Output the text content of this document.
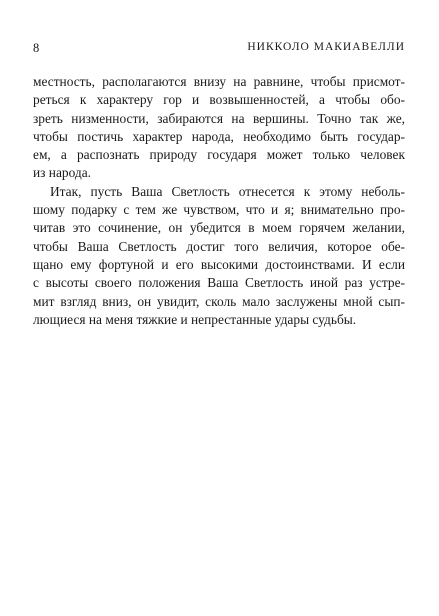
8	НИККОЛО МАКИАВЕЛЛИ
местность, располагаются внизу на равнине, чтобы присмот-
реться к характеру гор и возвышенностей, а чтобы обо-
зреть низменности, забираются на вершины. Точно так же,
чтобы постичь характер народа, необходимо быть государ-
ем, а распознать природу государя может только человек
из народа.
Итак, пусть Ваша Светлость отнесется к этому неболь-
шому подарку с тем же чувством, что и я; внимательно про-
читав это сочинение, он убедится в моем горячем желании,
чтобы Ваша Светлость достиг того величия, которое обе-
щано ему фортуной и его высокими достоинствами. И если
с высоты своего положения Ваша Светлость иной раз устре-
мит взгляд вниз, он увидит, сколь мало заслужены мной сып-
лющиеся на меня тяжкие и непрестанные удары судьбы.
